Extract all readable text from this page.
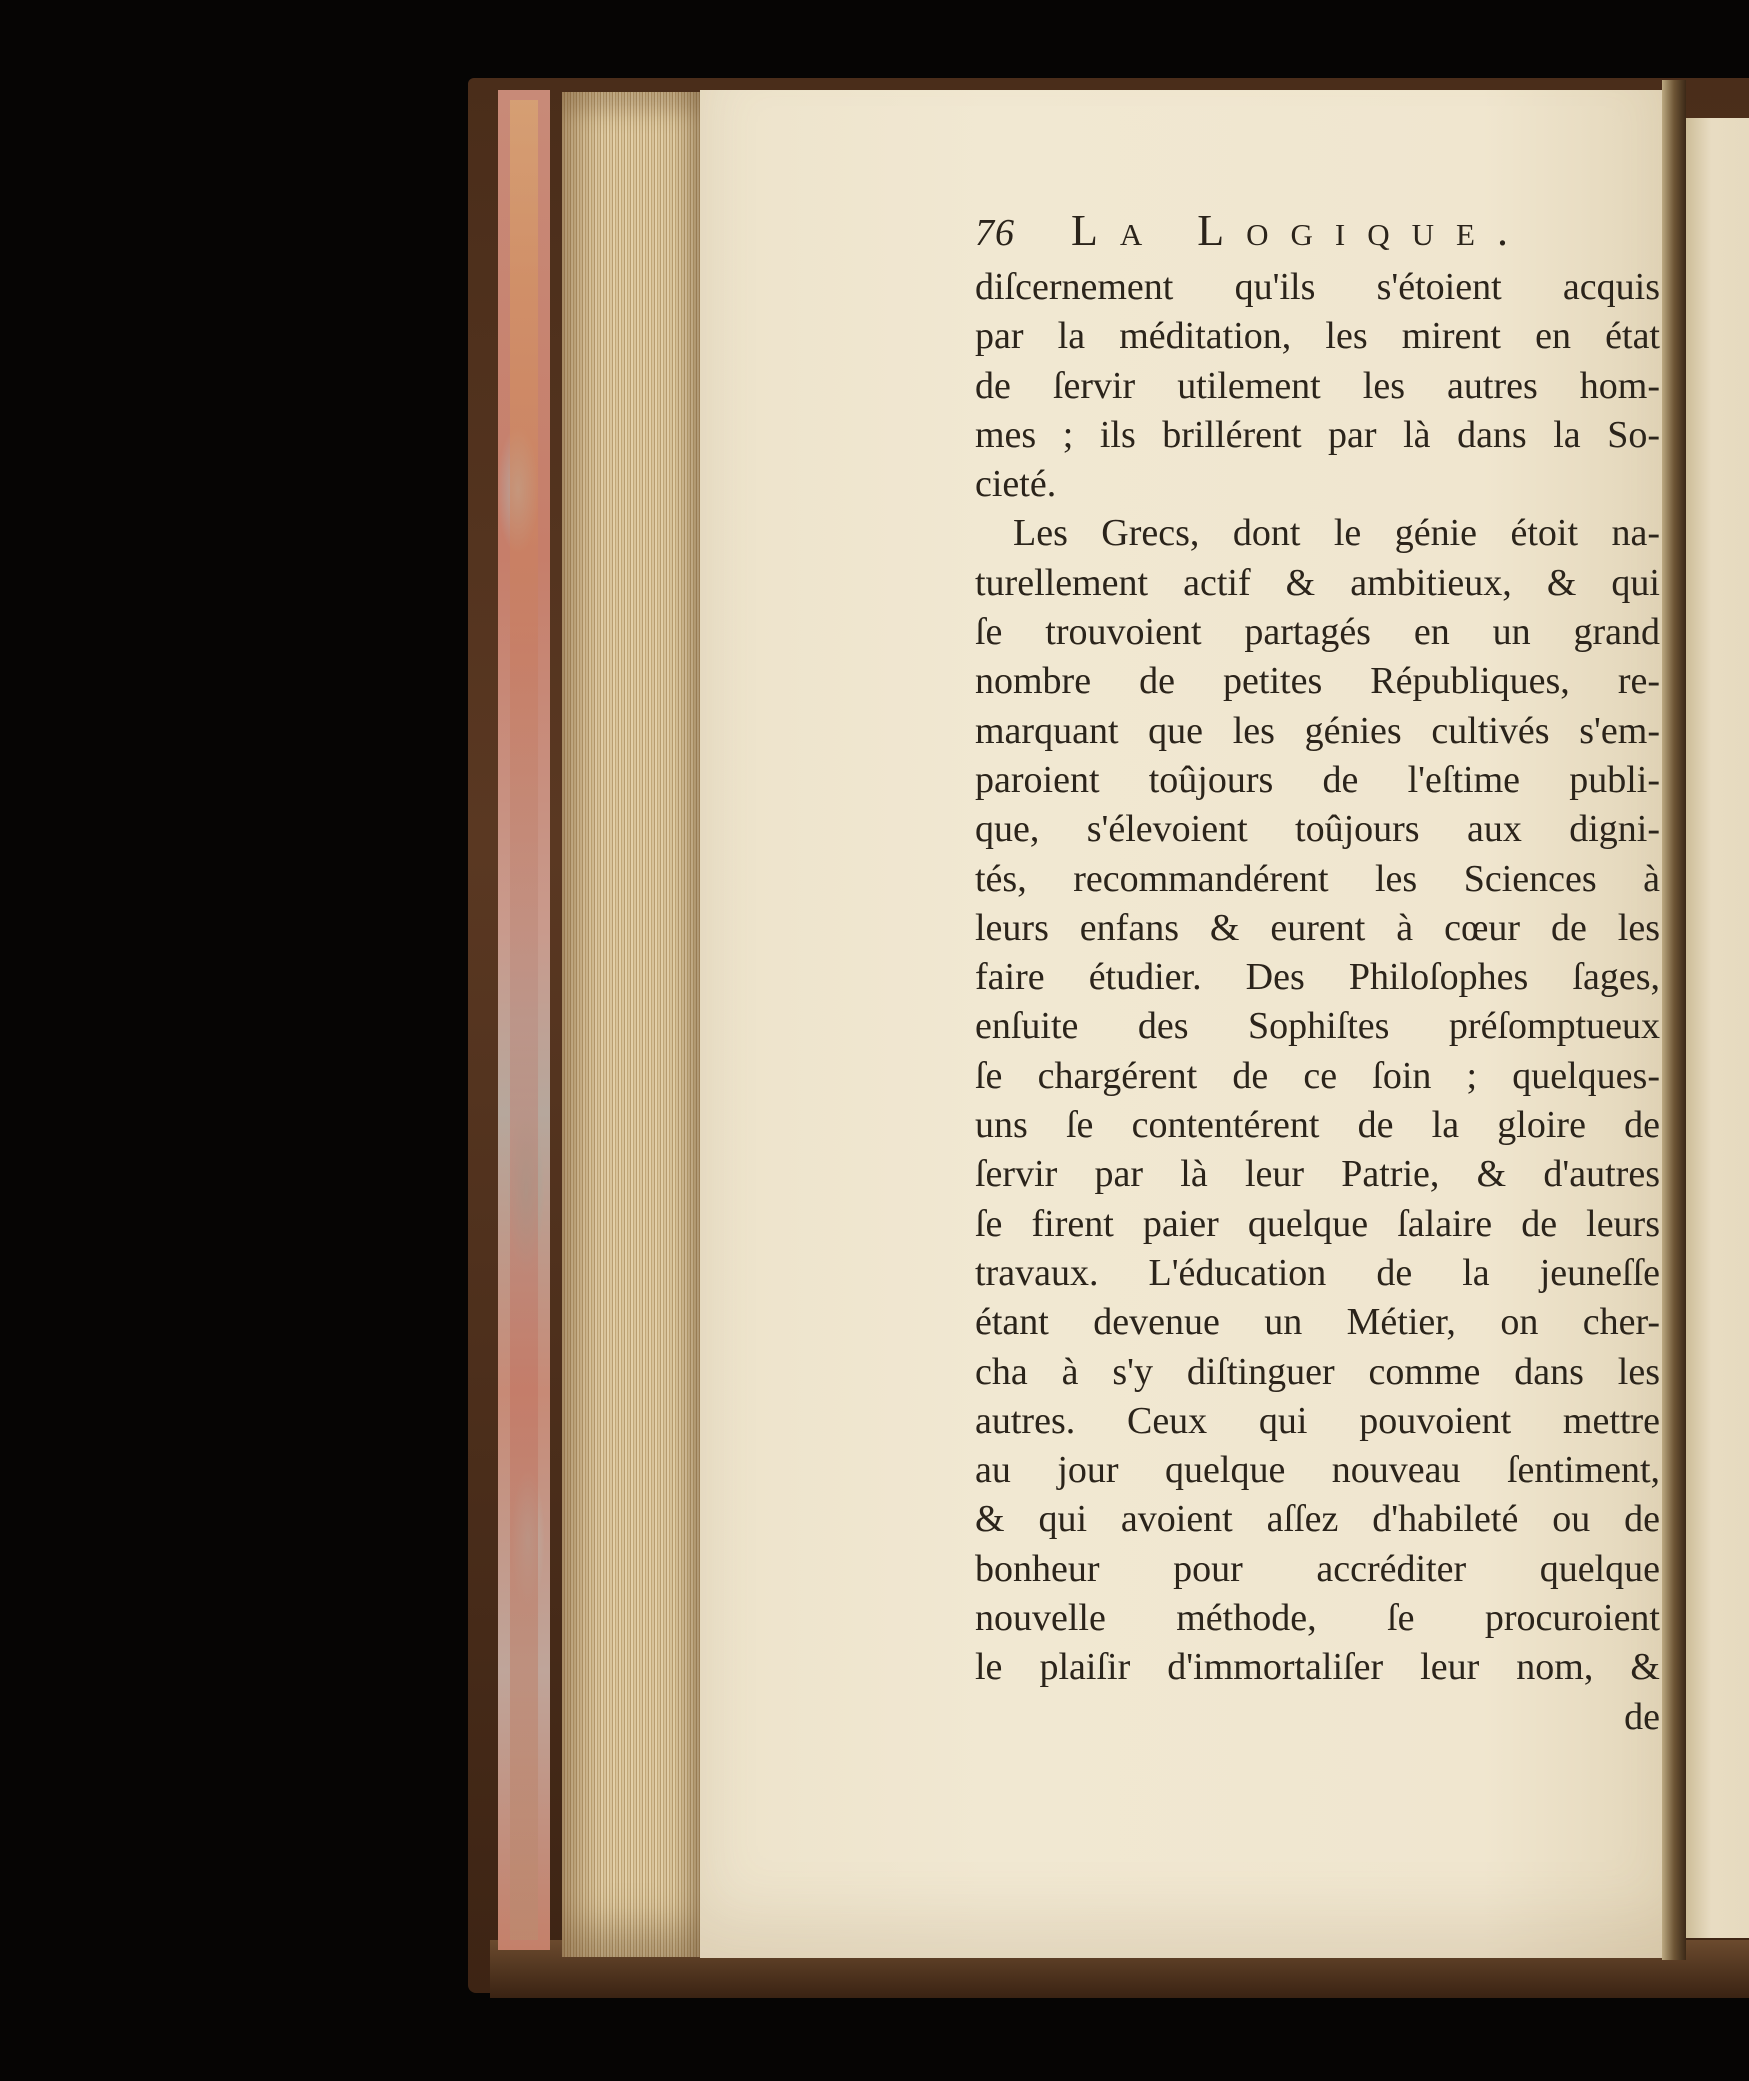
76	La Logique.
diſcernement qu'ils s'étoient acquis
par la méditation, les mirent en état
de ſervir utilement les autres hom-
mes ; ils brillérent par là dans la So-
cieté.
Les Grecs, dont le génie étoit na-
turellement actif & ambitieux, & qui
ſe trouvoient partagés en un grand
nombre de petites Républiques, re-
marquant que les génies cultivés s'em-
paroient toûjours de l'eſtime publi-
que, s'élevoient toûjours aux digni-
tés, recommandérent les Sciences à
leurs enfans & eurent à cœur de les
faire étudier. Des Philoſophes ſages,
enſuite des Sophiſtes préſomptueux
ſe chargérent de ce ſoin ; quelques-
uns ſe contentérent de la gloire de
ſervir par là leur Patrie, & d'autres
ſe firent paier quelque ſalaire de leurs
travaux. L'éducation de la jeuneſſe
étant devenue un Métier, on cher-
cha à s'y diſtinguer comme dans les
autres. Ceux qui pouvoient mettre
au jour quelque nouveau ſentiment,
& qui avoient aſſez d'habileté ou de
bonheur pour accréditer quelque
nouvelle méthode, ſe procuroient
le plaiſir d'immortaliſer leur nom, &
de
